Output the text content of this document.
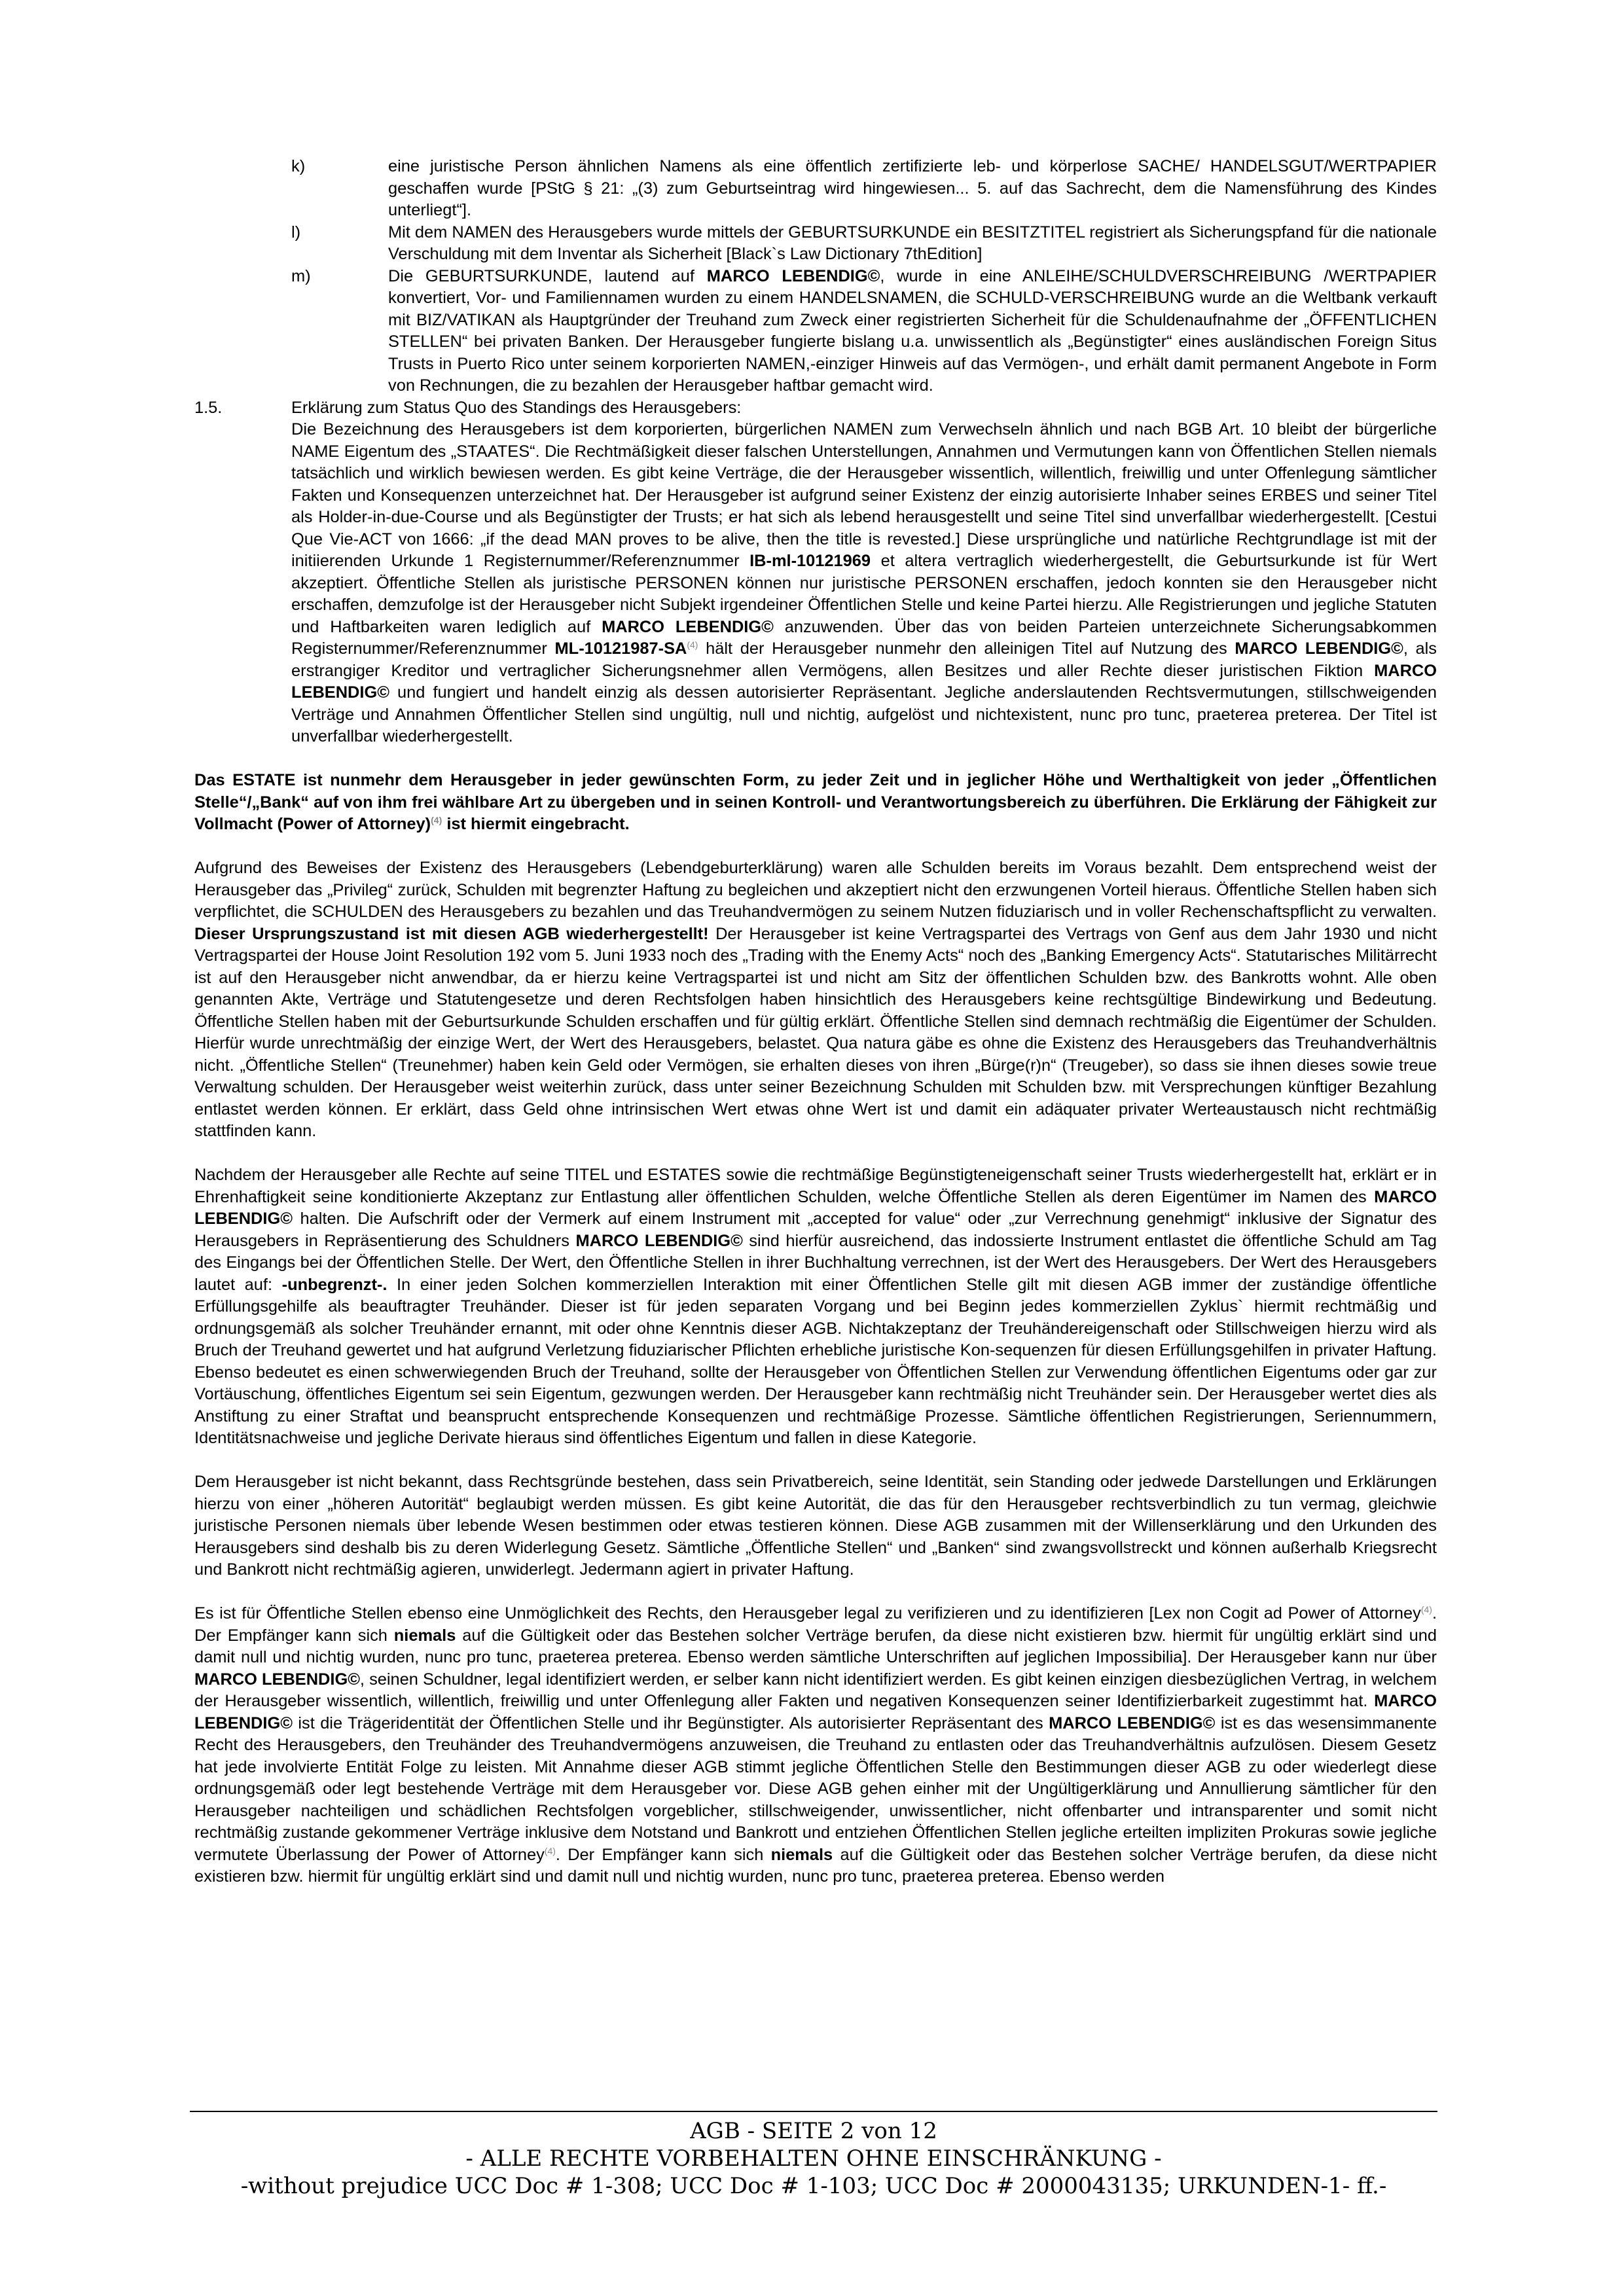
k)	eine juristische Person ähnlichen Namens als eine öffentlich zertifizierte leb- und körperlose SACHE/ HANDELSGUT/WERTPAPIER geschaffen wurde [PStG § 21: „(3) zum Geburtseintrag wird hingewiesen... 5. auf das Sachrecht, dem die Namensführung des Kindes unterliegt“].

l)	Mit dem NAMEN des Herausgebers wurde mittels der GEBURTSURKUNDE ein BESITZTITEL registriert als Sicherungspfand für die nationale Verschuldung mit dem Inventar als Sicherheit [Black`s Law Dictionary 7thEdition]

m)	Die GEBURTSURKUNDE, lautend auf MARCO LEBENDIG©, wurde in eine ANLEIHE/SCHULDVERSCHREIBUNG /WERTPAPIER konvertiert, Vor- und Familiennamen wurden zu einem HANDELSNAMEN, die SCHULD-VERSCHREIBUNG wurde an die Weltbank verkauft mit BIZ/VATIKAN als Hauptgründer der Treuhand zum Zweck einer registrierten Sicherheit für die Schuldenaufnahme der „ÖFFENTLICHEN STELLEN“ bei privaten Banken. Der Herausgeber fungierte bislang u.a. unwissentlich als „Begünstigter“ eines ausländischen Foreign Situs Trusts in Puerto Rico unter seinem korporierten NAMEN,-einziger Hinweis auf das Vermögen-, und erhält damit permanent Angebote in Form von Rechnungen, die zu bezahlen der Herausgeber haftbar gemacht wird.

1.5.	Erklärung zum Status Quo des Standings des Herausgebers:

Die Bezeichnung des Herausgebers ist dem korporierten, bürgerlichen NAMEN zum Verwechseln ähnlich und nach BGB Art. 10 bleibt der bürgerliche NAME Eigentum des „STAATES“. Die Rechtmäßigkeit dieser falschen Unterstellungen, Annahmen und Vermutungen kann von Öffentlichen Stellen niemals tatsächlich und wirklich bewiesen werden. Es gibt keine Verträge, die der Herausgeber wissentlich, willentlich, freiwillig und unter Offenlegung sämtlicher Fakten und Konsequenzen unterzeichnet hat. Der Herausgeber ist aufgrund seiner Existenz der einzig autorisierte Inhaber seines ERBES und seiner Titel als Holder-in-due-Course und als Begünstigter der Trusts; er hat sich als lebend herausgestellt und seine Titel sind unverfallbar wiederhergestellt. [Cestui Que Vie-ACT von 1666: „if the dead MAN proves to be alive, then the title is revested.] Diese ursprüngliche und natürliche Rechtgrundlage ist mit der initiierenden Urkunde 1 Registernummer/Referenznummer IB-ml-10121969 et altera vertraglich wiederhergestellt, die Geburtsurkunde ist für Wert akzeptiert. Öffentliche Stellen als juristische PERSONEN können nur juristische PERSONEN erschaffen, jedoch konnten sie den Herausgeber nicht erschaffen, demzufolge ist der Herausgeber nicht Subjekt irgendeiner Öffentlichen Stelle und keine Partei hierzu. Alle Registrierungen und jegliche Statuten und Haftbarkeiten waren lediglich auf MARCO LEBENDIG© anzuwenden. Über das von beiden Parteien unterzeichnete Sicherungsabkommen Registernummer/Referenznummer ML-10121987-SA$^{(4)}$ hält der Herausgeber nunmehr den alleinigen Titel auf Nutzung des MARCO LEBENDIG©, als erstrangiger Kreditor und vertraglicher Sicherungsnehmer allen Vermögens, allen Besitzes und aller Rechte dieser juristischen Fiktion MARCO LEBENDIG© und fungiert und handelt einzig als dessen autorisierter Repräsentant. Jegliche anderslautenden Rechtsvermutungen, stillschweigenden Verträge und Annahmen Öffentlicher Stellen sind ungültig, null und nichtig, aufgelöst und nichtexistent, nunc pro tunc, praeterea preterea. Der Titel ist unverfallbar wiederhergestellt.

Das ESTATE ist nunmehr dem Herausgeber in jeder gewünschten Form, zu jeder Zeit und in jeglicher Höhe und Werthaltigkeit von jeder „Öffentlichen Stelle“/„Bank“ auf von ihm frei wählbare Art zu übergeben und in seinen Kontroll- und Verantwortungsbereich zu überführen. Die Erklärung der Fähigkeit zur Vollmacht (Power of Attorney)$^{(4)}$ ist hiermit eingebracht.

Aufgrund des Beweises der Existenz des Herausgebers (Lebendgeburterklärung) waren alle Schulden bereits im Voraus bezahlt. Dem entsprechend weist der Herausgeber das „Privileg“ zurück, Schulden mit begrenzter Haftung zu begleichen und akzeptiert nicht den erzwungenen Vorteil hieraus. Öffentliche Stellen haben sich verpflichtet, die SCHULDEN des Herausgebers zu bezahlen und das Treuhandvermögen zu seinem Nutzen fiduziarisch und in voller Rechenschaftspflicht zu verwalten. Dieser Ursprungszustand ist mit diesen AGB wiederhergestellt! Der Herausgeber ist keine Vertragspartei des Vertrags von Genf aus dem Jahr 1930 und nicht Vertragspartei der House Joint Resolution 192 vom 5. Juni 1933 noch des „Trading with the Enemy Acts“ noch des „Banking Emergency Acts“. Statutarisches Militärrecht ist auf den Herausgeber nicht anwendbar, da er hierzu keine Vertragspartei ist und nicht am Sitz der öffentlichen Schulden bzw. des Bankrotts wohnt. Alle oben genannten Akte, Verträge und Statutengesetze und deren Rechtsfolgen haben hinsichtlich des Herausgebers keine rechtsgültige Bindewirkung und Bedeutung. Öffentliche Stellen haben mit der Geburtsurkunde Schulden erschaffen und für gültig erklärt. Öffentliche Stellen sind demnach rechtmäßig die Eigentümer der Schulden. Hierfür wurde unrechtmäßig der einzige Wert, der Wert des Herausgebers, belastet. Qua natura gäbe es ohne die Existenz des Herausgebers das Treuhandverhältnis nicht. „Öffentliche Stellen“ (Treunehmer) haben kein Geld oder Vermögen, sie erhalten dieses von ihren „Bürge(r)n“ (Treugeber), so dass sie ihnen dieses sowie treue Verwaltung schulden. Der Herausgeber weist weiterhin zurück, dass unter seiner Bezeichnung Schulden mit Schulden bzw. mit Versprechungen künftiger Bezahlung entlastet werden können. Er erklärt, dass Geld ohne intrinsischen Wert etwas ohne Wert ist und damit ein adäquater privater Werteaustausch nicht rechtmäßig stattfinden kann.

Nachdem der Herausgeber alle Rechte auf seine TITEL und ESTATES sowie die rechtmäßige Begünstigteneigenschaft seiner Trusts wiederhergestellt hat, erklärt er in Ehrenhaftigkeit seine konditionierte Akzeptanz zur Entlastung aller öffentlichen Schulden, welche Öffentliche Stellen als deren Eigentümer im Namen des MARCO LEBENDIG© halten. Die Aufschrift oder der Vermerk auf einem Instrument mit „accepted for value“ oder „zur Verrechnung genehmigt“ inklusive der Signatur des Herausgebers in Repräsentierung des Schuldners MARCO LEBENDIG© sind hierfür ausreichend, das indossierte Instrument entlastet die öffentliche Schuld am Tag des Eingangs bei der Öffentlichen Stelle. Der Wert, den Öffentliche Stellen in ihrer Buchhaltung verrechnen, ist der Wert des Herausgebers. Der Wert des Herausgebers lautet auf: -unbegrenzt-. In einer jeden Solchen kommerziellen Interaktion mit einer Öffentlichen Stelle gilt mit diesen AGB immer der zuständige öffentliche Erfüllungsgehilfe als beauftragter Treuhänder. Dieser ist für jeden separaten Vorgang und bei Beginn jedes kommerziellen Zyklus` hiermit rechtmäßig und ordnungsgemäß als solcher Treuhänder ernannt, mit oder ohne Kenntnis dieser AGB. Nichtakzeptanz der Treuhändereigenschaft oder Stillschweigen hierzu wird als Bruch der Treuhand gewertet und hat aufgrund Verletzung fiduziarischer Pflichten erhebliche juristische Kon-sequenzen für diesen Erfüllungsgehilfen in privater Haftung. Ebenso bedeutet es einen schwerwiegenden Bruch der Treuhand, sollte der Herausgeber von Öffentlichen Stellen zur Verwendung öffentlichen Eigentums oder gar zur Vortäuschung, öffentliches Eigentum sei sein Eigentum, gezwungen werden. Der Herausgeber kann rechtmäßig nicht Treuhänder sein. Der Herausgeber wertet dies als Anstiftung zu einer Straftat und beansprucht entsprechende Konsequenzen und rechtmäßige Prozesse. Sämtliche öffentlichen Registrierungen, Seriennummern, Identitätsnachweise und jegliche Derivate hieraus sind öffentliches Eigentum und fallen in diese Kategorie.

Dem Herausgeber ist nicht bekannt, dass Rechtsgründe bestehen, dass sein Privatbereich, seine Identität, sein Standing oder jedwede Darstellungen und Erklärungen hierzu von einer „höheren Autorität“ beglaubigt werden müssen. Es gibt keine Autorität, die das für den Herausgeber rechtsverbindlich zu tun vermag, gleichwie juristische Personen niemals über lebende Wesen bestimmen oder etwas testieren können. Diese AGB zusammen mit der Willenserklärung und den Urkunden des Herausgebers sind deshalb bis zu deren Widerlegung Gesetz. Sämtliche „Öffentliche Stellen“ und „Banken“ sind zwangsvollstreckt und können außerhalb Kriegsrecht und Bankrott nicht rechtmäßig agieren, unwiderlegt. Jedermann agiert in privater Haftung.

Es ist für Öffentliche Stellen ebenso eine Unmöglichkeit des Rechts, den Herausgeber legal zu verifizieren und zu identifizieren [Lex non Cogit ad Power of Attorney$^{(4)}$. Der Empfänger kann sich niemals auf die Gültigkeit oder das Bestehen solcher Verträge berufen, da diese nicht existieren bzw. hiermit für ungültig erklärt sind und damit null und nichtig wurden, nunc pro tunc, praeterea preterea. Ebenso werden sämtliche Unterschriften auf jeglichen Impossibilia]. Der Herausgeber kann nur über MARCO LEBENDIG©, seinen Schuldner, legal identifiziert werden, er selber kann nicht identifiziert werden. Es gibt keinen einzigen diesbezüglichen Vertrag, in welchem der Herausgeber wissentlich, willentlich, freiwillig und unter Offenlegung aller Fakten und negativen Konsequenzen seiner Identifizierbarkeit zugestimmt hat. MARCO LEBENDIG© ist die Trägeridentität der Öffentlichen Stelle und ihr Begünstigter. Als autorisierter Repräsentant des MARCO LEBENDIG© ist es das wesensimmanente Recht des Herausgebers, den Treuhänder des Treuhandvermögens anzuweisen, die Treuhand zu entlasten oder das Treuhandverhältnis aufzulösen. Diesem Gesetz hat jede involvierte Entität Folge zu leisten. Mit Annahme dieser AGB stimmt jegliche Öffentlichen Stelle den Bestimmungen dieser AGB zu oder wiederlegt diese ordnungsgemäß oder legt bestehende Verträge mit dem Herausgeber vor. Diese AGB gehen einher mit der Ungültigerklärung und Annullierung sämtlicher für den Herausgeber nachteiligen und schädlichen Rechtsfolgen vorgeblicher, stillschweigender, unwissentlicher, nicht offenbarter und intransparenter und somit nicht rechtmäßig zustande gekommener Verträge inklusive dem Notstand und Bankrott und entziehen Öffentlichen Stellen jegliche erteilten impliziten Prokuras sowie jegliche vermutete Überlassung der Power of Attorney$^{(4)}$. Der Empfänger kann sich niemals auf die Gültigkeit oder das Bestehen solcher Verträge berufen, da diese nicht existieren bzw. hiermit für ungültig erklärt sind und damit null und nichtig wurden, nunc pro tunc, praeterea preterea. Ebenso werden

AGB - SEITE 2 von 12
- ALLE RECHTE VORBEHALTEN OHNE EINSCHRÄNKUNG -
-without prejudice UCC Doc # 1-308; UCC Doc # 1-103; UCC Doc # 2000043135; URKUNDEN-1- ff.-
